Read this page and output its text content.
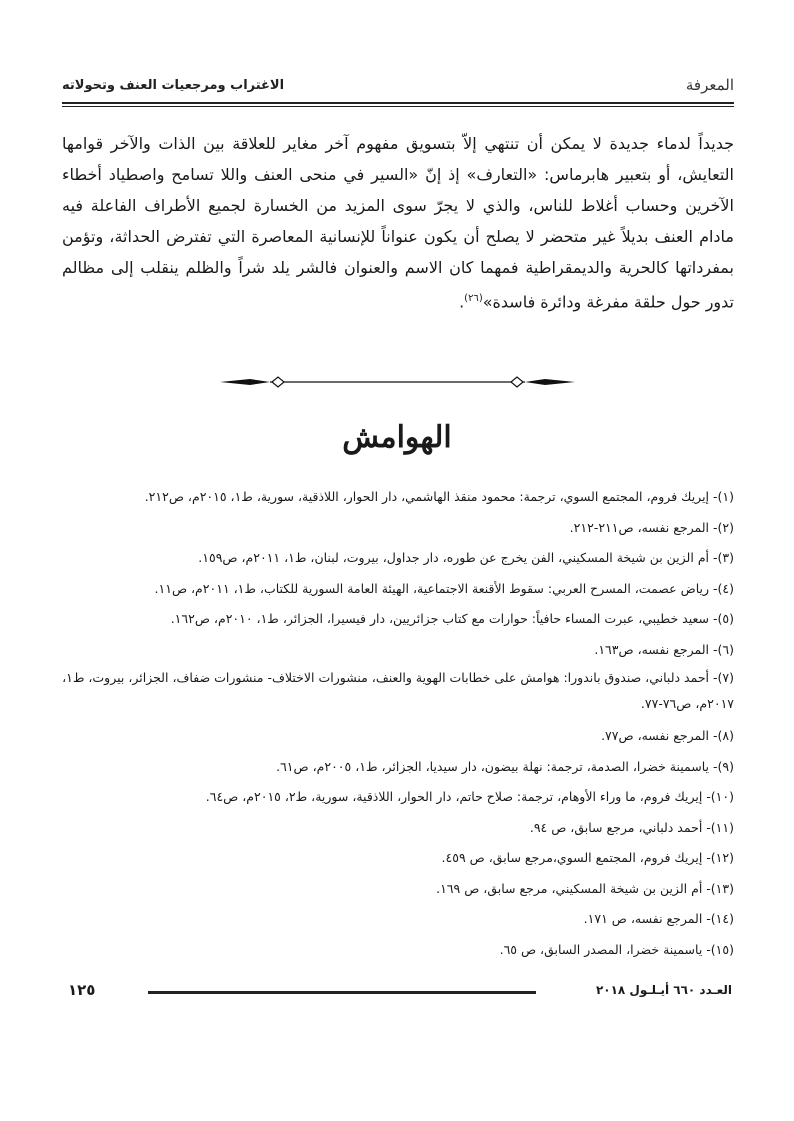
المعرفة
الاغتراب ومرجعيات العنف وتحولاته

جديداً لدماء جديدة لا يمكن أن تنتهي إلاّ بتسويق مفهوم آخر مغاير للعلاقة بين الذات والآخر قوامها التعايش، أو بتعبير هابرماس: «التعارف» إذ إنّ «السير في منحى العنف واللا تسامح واصطياد أخطاء الآخرين وحساب أغلاط للناس، والذي لا يجرّ سوى المزيد من الخسارة لجميع الأطراف الفاعلة فيه مادام العنف بديلاً غير متحضر لا يصلح أن يكون عنواناً للإنسانية المعاصرة التي تفترض الحداثة، وتؤمن بمفرداتها كالحرية والديمقراطية فمهما كان الاسم والعنوان فالشر يلد شراً والظلم ينقلب إلى مظالم تدور حول حلقة مفرغة ودائرة فاسدة»$^{(٢٦)}$.

الهوامش
(١)- إيريك فروم، المجتمع السوي، ترجمة: محمود منقذ الهاشمي، دار الحوار، اللاذقية، سورية، ط١، ٢٠١٥م، ص٢١٢.
(٢)- المرجع نفسه، ص٢١١-٢١٢.
(٣)- أم الزين بن شيخة المسكيني، الفن يخرج عن طوره، دار جداول، بيروت، لبنان، ط١، ٢٠١١م، ص١٥٩.
(٤)- رياض عصمت، المسرح العربي: سقوط الأقنعة الاجتماعية، الهيئة العامة السورية للكتاب، ط١، ٢٠١١م، ص١١.
(٥)- سعيد خطيبي، عبرت المساء حافياً: حوارات مع كتاب جزائريين، دار فيسيرا، الجزائر، ط١، ٢٠١٠م، ص١٦٢.
(٦)- المرجع نفسه، ص١٦٣.
(٧)- أحمد دلباني، صندوق باندورا: هوامش على خطابات الهوية والعنف، منشورات الاختلاف- منشورات ضفاف، الجزائر، بيروت، ط١، ٢٠١٧م، ص٧٦-٧٧.
(٨)- المرجع نفسه، ص٧٧.
(٩)- ياسمينة خضرا، الصدمة، ترجمة: نهلة بيضون، دار سيديا، الجزائر، ط١، ٢٠٠٥م، ص٦١.
(١٠)- إيريك فروم، ما وراء الأوهام، ترجمة: صلاح حاتم، دار الحوار، اللاذقية، سورية، ط٢، ٢٠١٥م، ص٦٤.
(١١)- أحمد دلباني، مرجع سابق، ص ٩٤.
(١٢)- إيريك فروم، المجتمع السوي،مرجع سابق، ص ٤٥٩.
(١٣)- أم الزين بن شيخة المسكيني، مرجع سابق، ص ١٦٩.
(١٤)- المرجع نفسه، ص ١٧١.
(١٥)- ياسمينة خضرا، المصدر السابق، ص ٦٥.
١٢٥	العـدد ٦٦٠ أيـلـول ٢٠١٨
